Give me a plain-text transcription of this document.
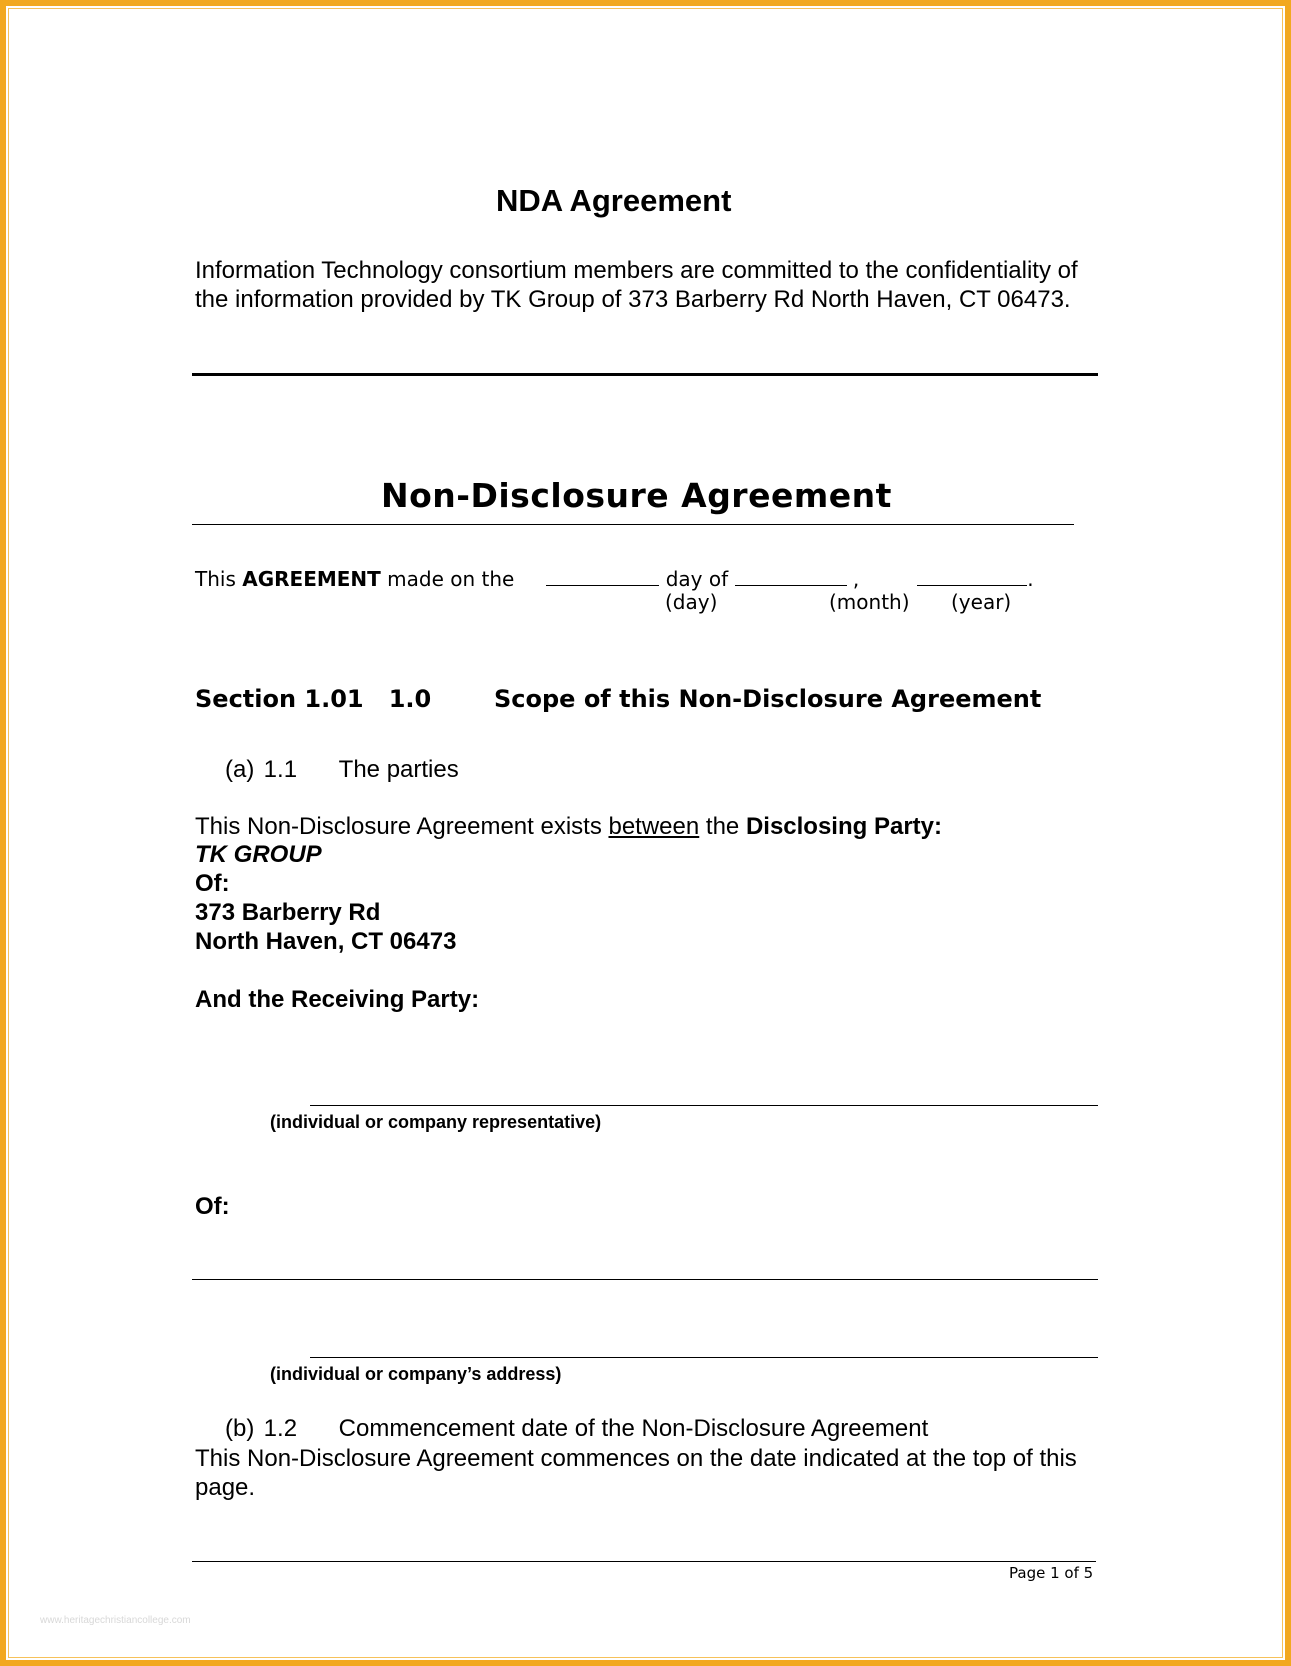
NDA Agreement
Information Technology consortium members are committed to the confidentiality of the information provided by TK Group of 373 Barberry Rd North Haven, CT 06473.
Non-Disclosure Agreement
This AGREEMENT made on the	day of	,	.
(day)	(month) (year)
Section 1.01   1.0	Scope of this Non-Disclosure Agreement
(a) 1.1 The parties
This Non-Disclosure Agreement exists between the Disclosing Party:
TK GROUP
Of:
373 Barberry Rd
North Haven, CT 06473
And the Receiving Party:
(individual or company representative)
Of:
(individual or company’s address)
(b) 1.2 Commencement date of the Non-Disclosure Agreement
This Non-Disclosure Agreement commences on the date indicated at the top of this page.
Page 1 of 5
www.heritagechristiancollege.com
